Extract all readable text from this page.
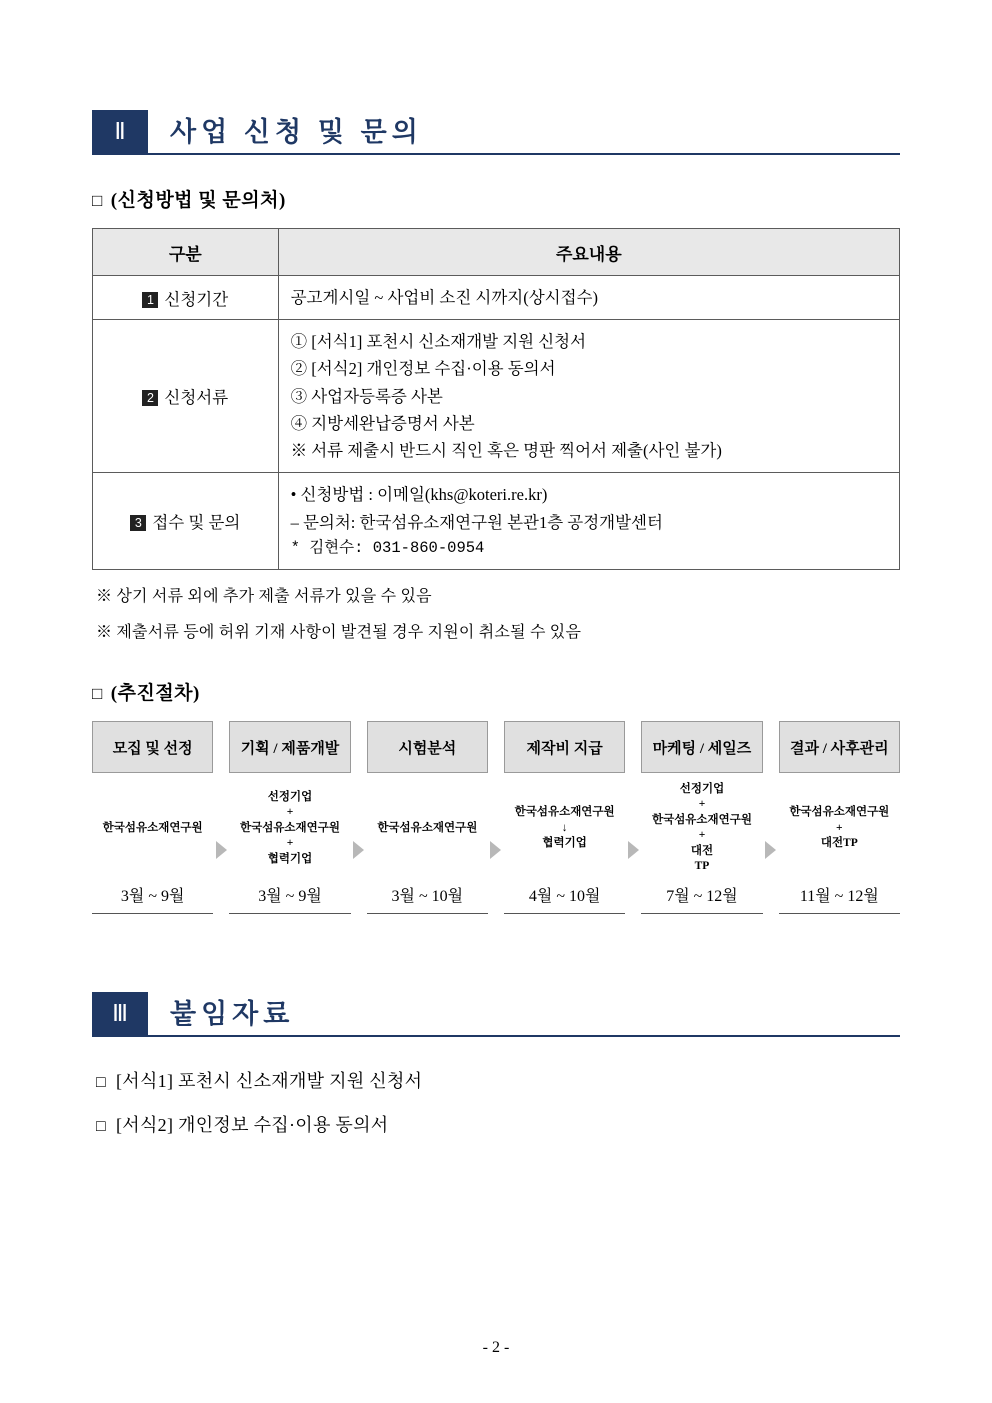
Ⅱ	사업 신청 및 문의
□ (신청방법 및 문의처)
구분	주요내용
1 신청기간	공고게시일 ~ 사업비 소진 시까지(상시접수)

2 신청서류	① [서식1] 포천시 신소재개발 지원 신청서
② [서식2] 개인정보 수집·이용 동의서
③ 사업자등록증 사본
④ 지방세완납증명서 사본
※ 서류 제출시 반드시 직인 혹은 명판 찍어서 제출(사인 불가)

3 접수 및 문의	• 신청방법 : 이메일(khs@koteri.re.kr)
– 문의처: 한국섬유소재연구원 본관1층 공정개발센터
* 김현수: 031-860-0954
※ 상기 서류 외에 추가 제출 서류가 있을 수 있음
※ 제출서류 등에 허위 기재 사항이 발견될 경우 지원이 취소될 수 있음
□ (추진절차)
모집 및 선정
한국섬유소재연구원
3월 ~ 9월
기획 / 제품개발
선정기업
+
한국섬유소재연구원
+
협력기업
3월 ~ 9월
시험분석
한국섬유소재연구원
3월 ~ 10월
제작비 지급
한국섬유소재연구원
↓
협력기업
4월 ~ 10월
마케팅 / 세일즈
선정기업
+
한국섬유소재연구원
+
대전
TP
7월 ~ 12월
결과 / 사후관리
한국섬유소재연구원
+
대전TP
11월 ~ 12월
Ⅲ	붙임자료
□ [서식1] 포천시 신소재개발 지원 신청서
□ [서식2] 개인정보 수집·이용 동의서
- 2 -
